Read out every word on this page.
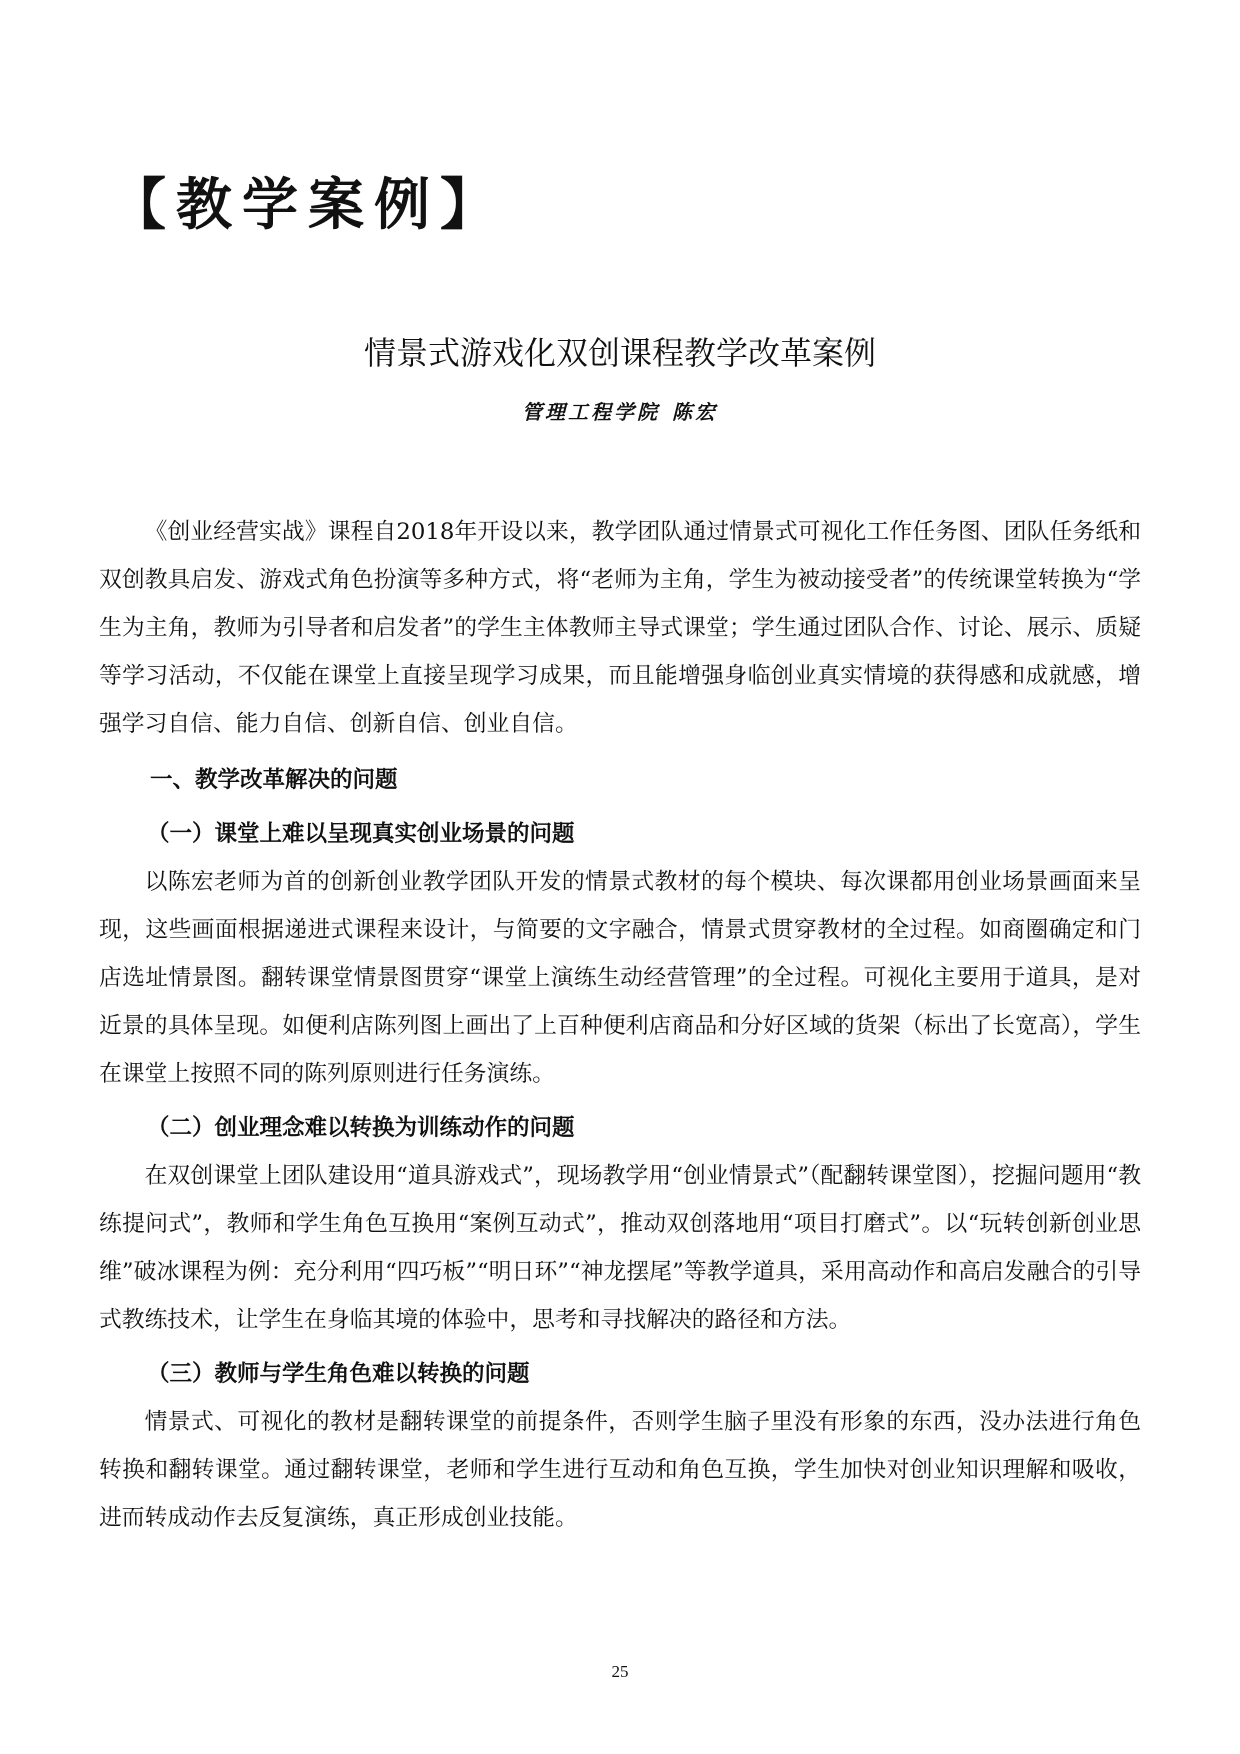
【教学案例】
情景式游戏化双创课程教学改革案例
管理工程学院 陈宏

《创业经营实战》课程自2018年开设以来，教学团队通过情景式可视化工作任务图、团队任务纸和双创教具启发、游戏式角色扮演等多种方式，将“老师为主角，学生为被动接受者”的传统课堂转换为“学生为主角，教师为引导者和启发者”的学生主体教师主导式课堂；学生通过团队合作、讨论、展示、质疑等学习活动，不仅能在课堂上直接呈现学习成果，而且能增强身临创业真实情境的获得感和成就感，增强学习自信、能力自信、创新自信、创业自信。

一、教学改革解决的问题
（一）课堂上难以呈现真实创业场景的问题

以陈宏老师为首的创新创业教学团队开发的情景式教材的每个模块、每次课都用创业场景画面来呈现，这些画面根据递进式课程来设计，与简要的文字融合，情景式贯穿教材的全过程。如商圈确定和门店选址情景图。翻转课堂情景图贯穿“课堂上演练生动经营管理”的全过程。可视化主要用于道具，是对近景的具体呈现。如便利店陈列图上画出了上百种便利店商品和分好区域的货架（标出了长宽高），学生在课堂上按照不同的陈列原则进行任务演练。

（二）创业理念难以转换为训练动作的问题

在双创课堂上团队建设用“道具游戏式”，现场教学用“创业情景式”（配翻转课堂图），挖掘问题用“教练提问式”，教师和学生角色互换用“案例互动式”，推动双创落地用“项目打磨式”。以“玩转创新创业思维”破冰课程为例：充分利用“四巧板”“明日环”“神龙摆尾”等教学道具，采用高动作和高启发融合的引导式教练技术，让学生在身临其境的体验中，思考和寻找解决的路径和方法。

（三）教师与学生角色难以转换的问题

情景式、可视化的教材是翻转课堂的前提条件，否则学生脑子里没有形象的东西，没办法进行角色转换和翻转课堂。通过翻转课堂，老师和学生进行互动和角色互换，学生加快对创业知识理解和吸收，进而转成动作去反复演练，真正形成创业技能。

25
